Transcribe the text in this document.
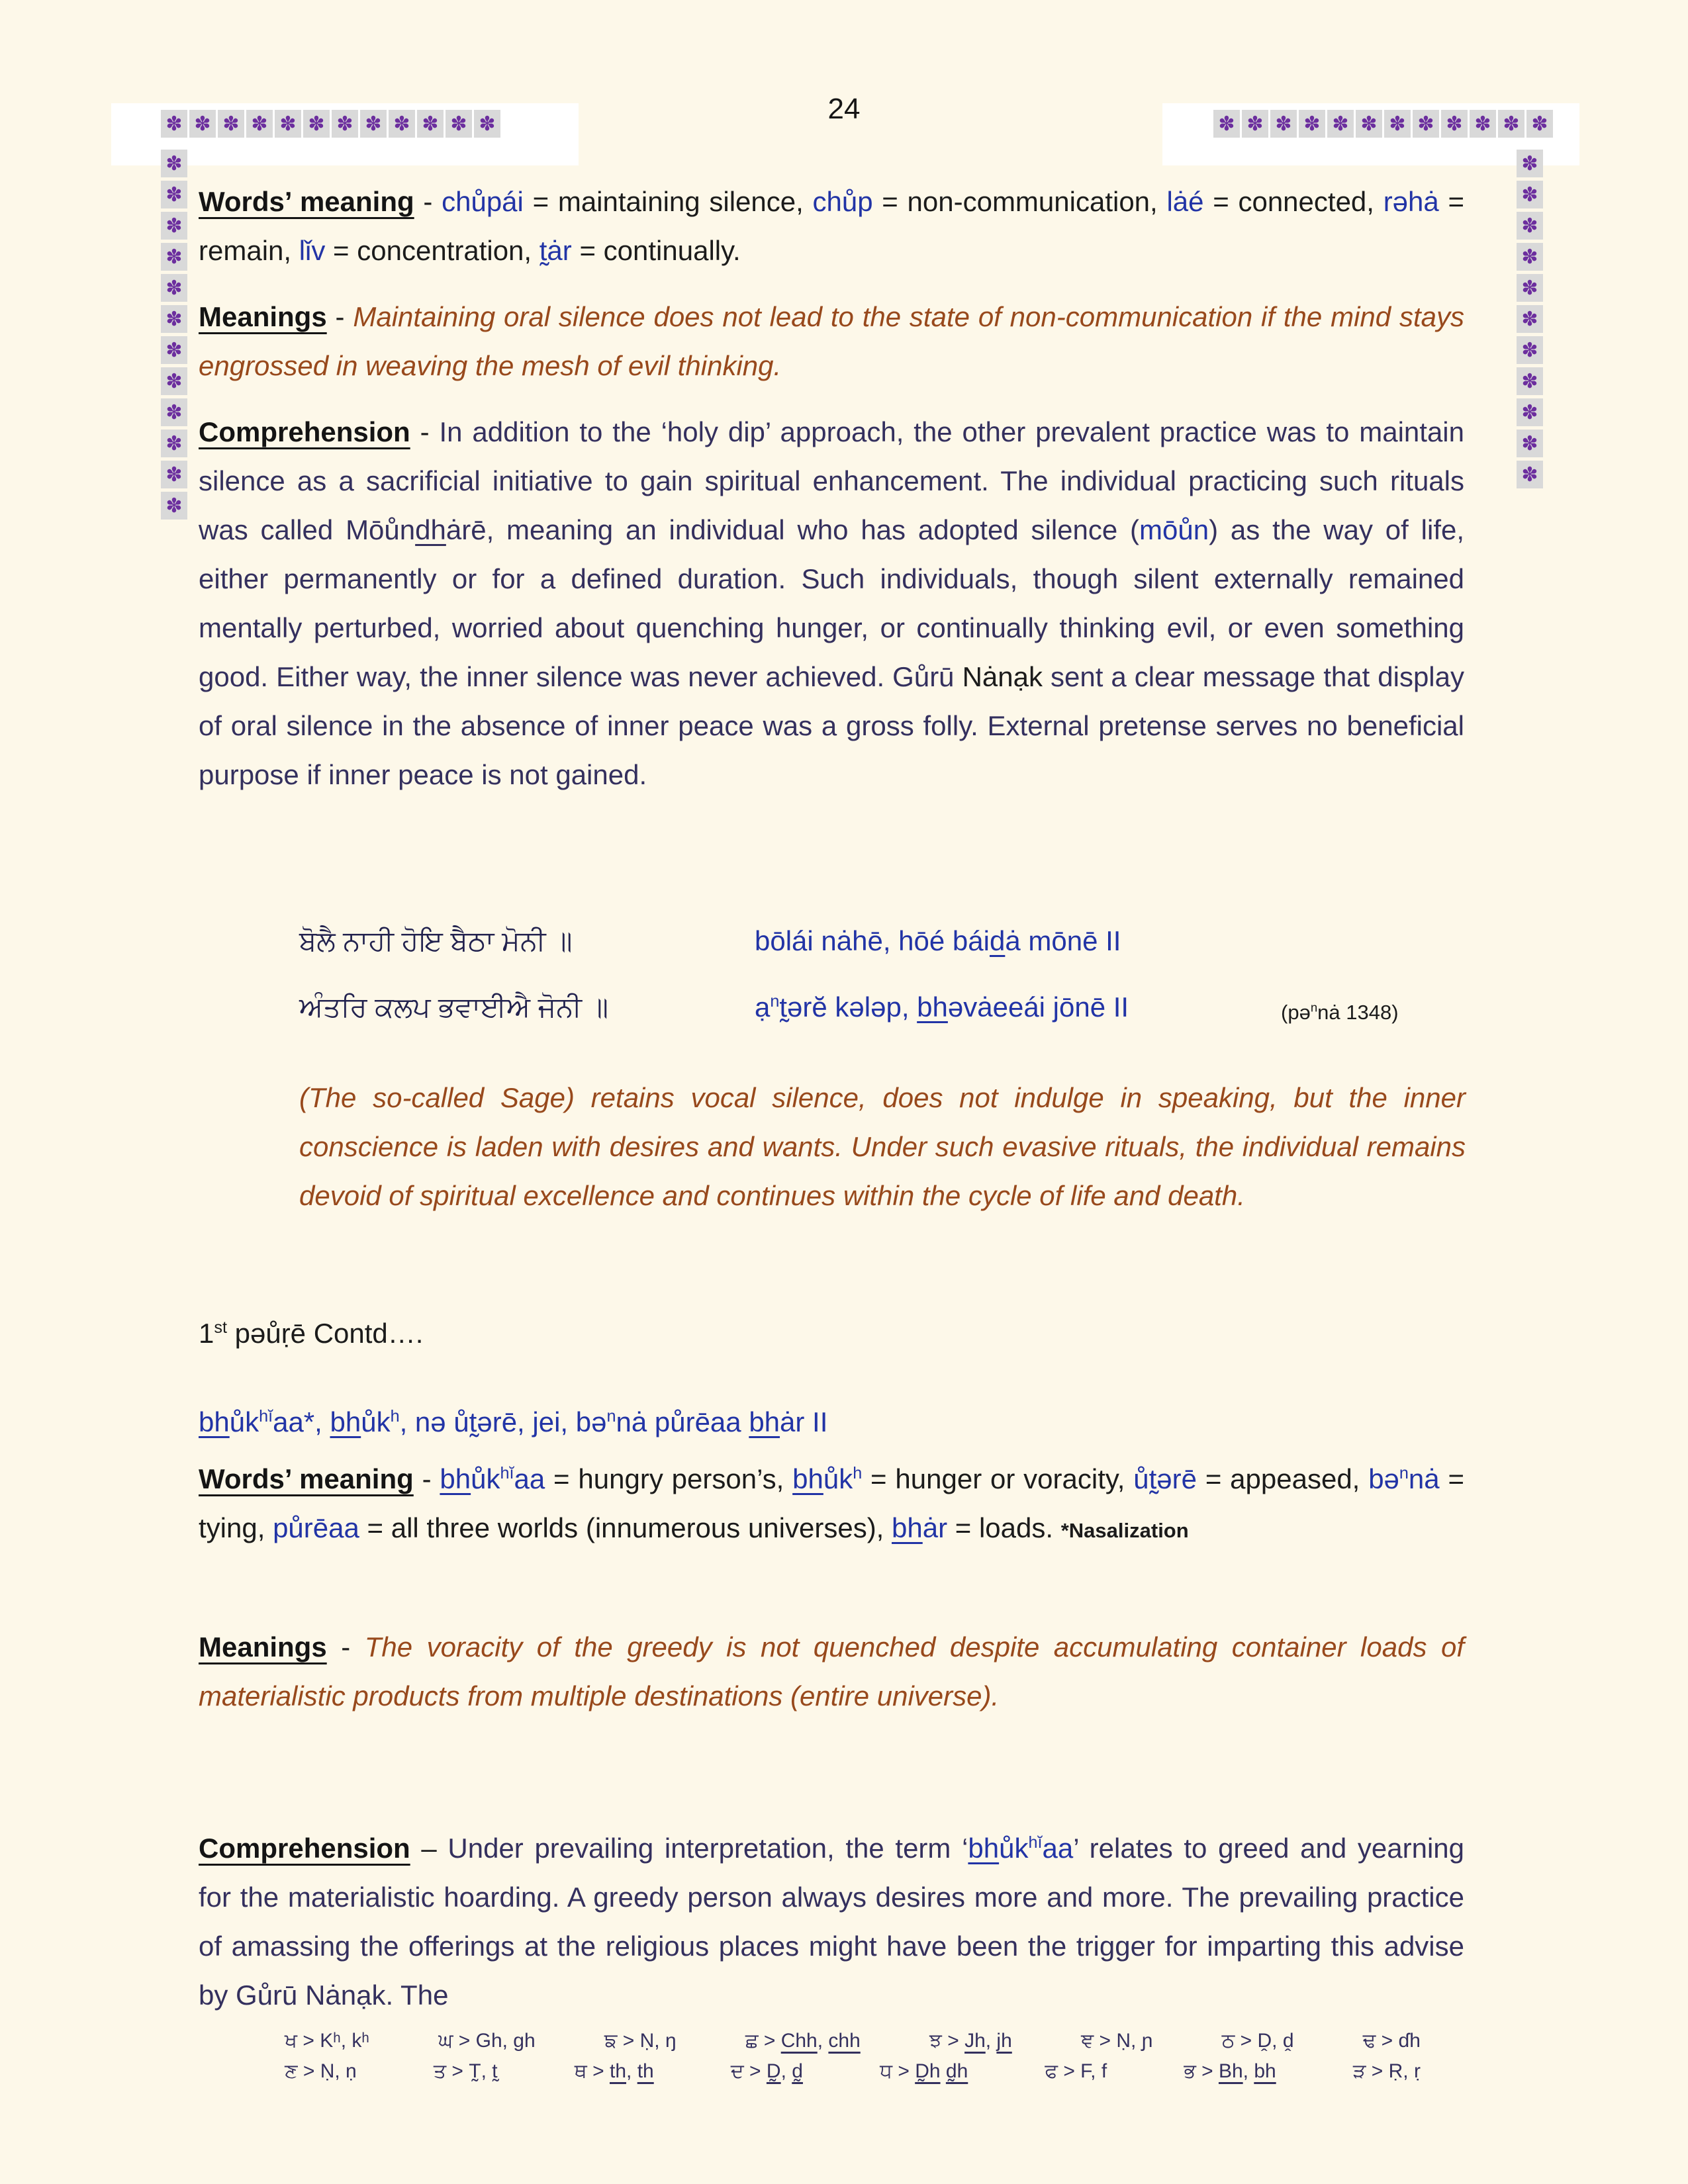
✽ ✽ ✽ ✽ ✽ ✽ ✽ ✽ ✽ ✽ ✽ ✽	✽ ✽ ✽ ✽ ✽ ✽ ✽ ✽ ✽ ✽ ✽ ✽
✽
✽
✽
✽
✽
✽
✽
✽
✽
✽
✽
✽
✽
✽
✽
✽
✽
✽
✽
✽
✽
✽
✽
24
Words’ meaning - chůpái = maintaining silence, chůp = non-communication, lȧé = connected, rəhȧ = remain, lǐv = concentration, t̰ȧr = continually.
Meanings - Maintaining oral silence does not lead to the state of non-communication if the mind stays engrossed in weaving the mesh of evil thinking.
Comprehension - In addition to the ‘holy dip’ approach, the other prevalent practice was to maintain silence as a sacrificial initiative to gain spiritual enhancement. The individual practicing such rituals was called Mōůndhȧrē, meaning an individual who has adopted silence (mōůn) as the way of life, either permanently or for a defined duration. Such individuals, though silent externally remained mentally perturbed, worried about quenching hunger, or continually thinking evil, or even something good. Either way, the inner silence was never achieved. Gůrū Nȧnạk sent a clear message that display of oral silence in the absence of inner peace was a gross folly. External pretense serves no beneficial purpose if inner peace is not gained.
ਬੋਲੈ ਨਾਹੀ ਹੋਇ ਬੈਠਾ ਮੋਨੀ ॥	bōlái nȧhē, hōé báidȧ mōnē II
ਅੰਤਰਿ ਕਲਪ ਭਵਾਈਐ ਜੋਨੀ ॥	ạ$^n$t̰ərĕ kələp, bhəvȧeeái jōnē II	(pə$^n$nȧ 1348)
(The so-called Sage) retains vocal silence, does not indulge in speaking, but the inner conscience is laden with desires and wants. Under such evasive rituals, the individual remains devoid of spiritual excellence and continues within the cycle of life and death.
1st pəůṛē Contd….
bhůk$^{hĭ}$aa*, bhůk$^h$, nə ůt̰ərē, jei, bə$^n$nȧ půrēaa bhȧr II
Words’ meaning - bhůk$^{hĭ}$aa = hungry person’s, bhůk$^h$ = hunger or voracity, ůt̰ərē = appeased, bə$^n$nȧ = tying, půrēaa = all three worlds (innumerous universes), bhȧr = loads. *Nasalization
Meanings - The voracity of the greedy is not quenched despite accumulating container loads of materialistic products from multiple destinations (entire universe).
Comprehension – Under prevailing interpretation, the term ‘bhůk$^{hĭ}$aa’ relates to greed and yearning for the materialistic hoarding. A greedy person always desires more and more. The prevailing practice of amassing the offerings at the religious places might have been the trigger for imparting this advise by Gůrū Nȧnạk. The
ਖ > Kʰ, kʰ	ਘ > Gh, gh	ਙ > Ṇ, ŋ	ਛ > Chh, chh	ਝ > Jh, jh	ਞ > Ṇ, ɲ	ਠ > Ḓ, ḓ	ਢ > ɗh
ਣ > Ṇ, ṇ	ਤ > T̰, t̰	ਥ > th, th	ਦ > D̰, d̰	ਧ > D̰h d̰h	ਫ > F, f	ਭ > Bh, bh	ੜ > Ṛ, ṛ
